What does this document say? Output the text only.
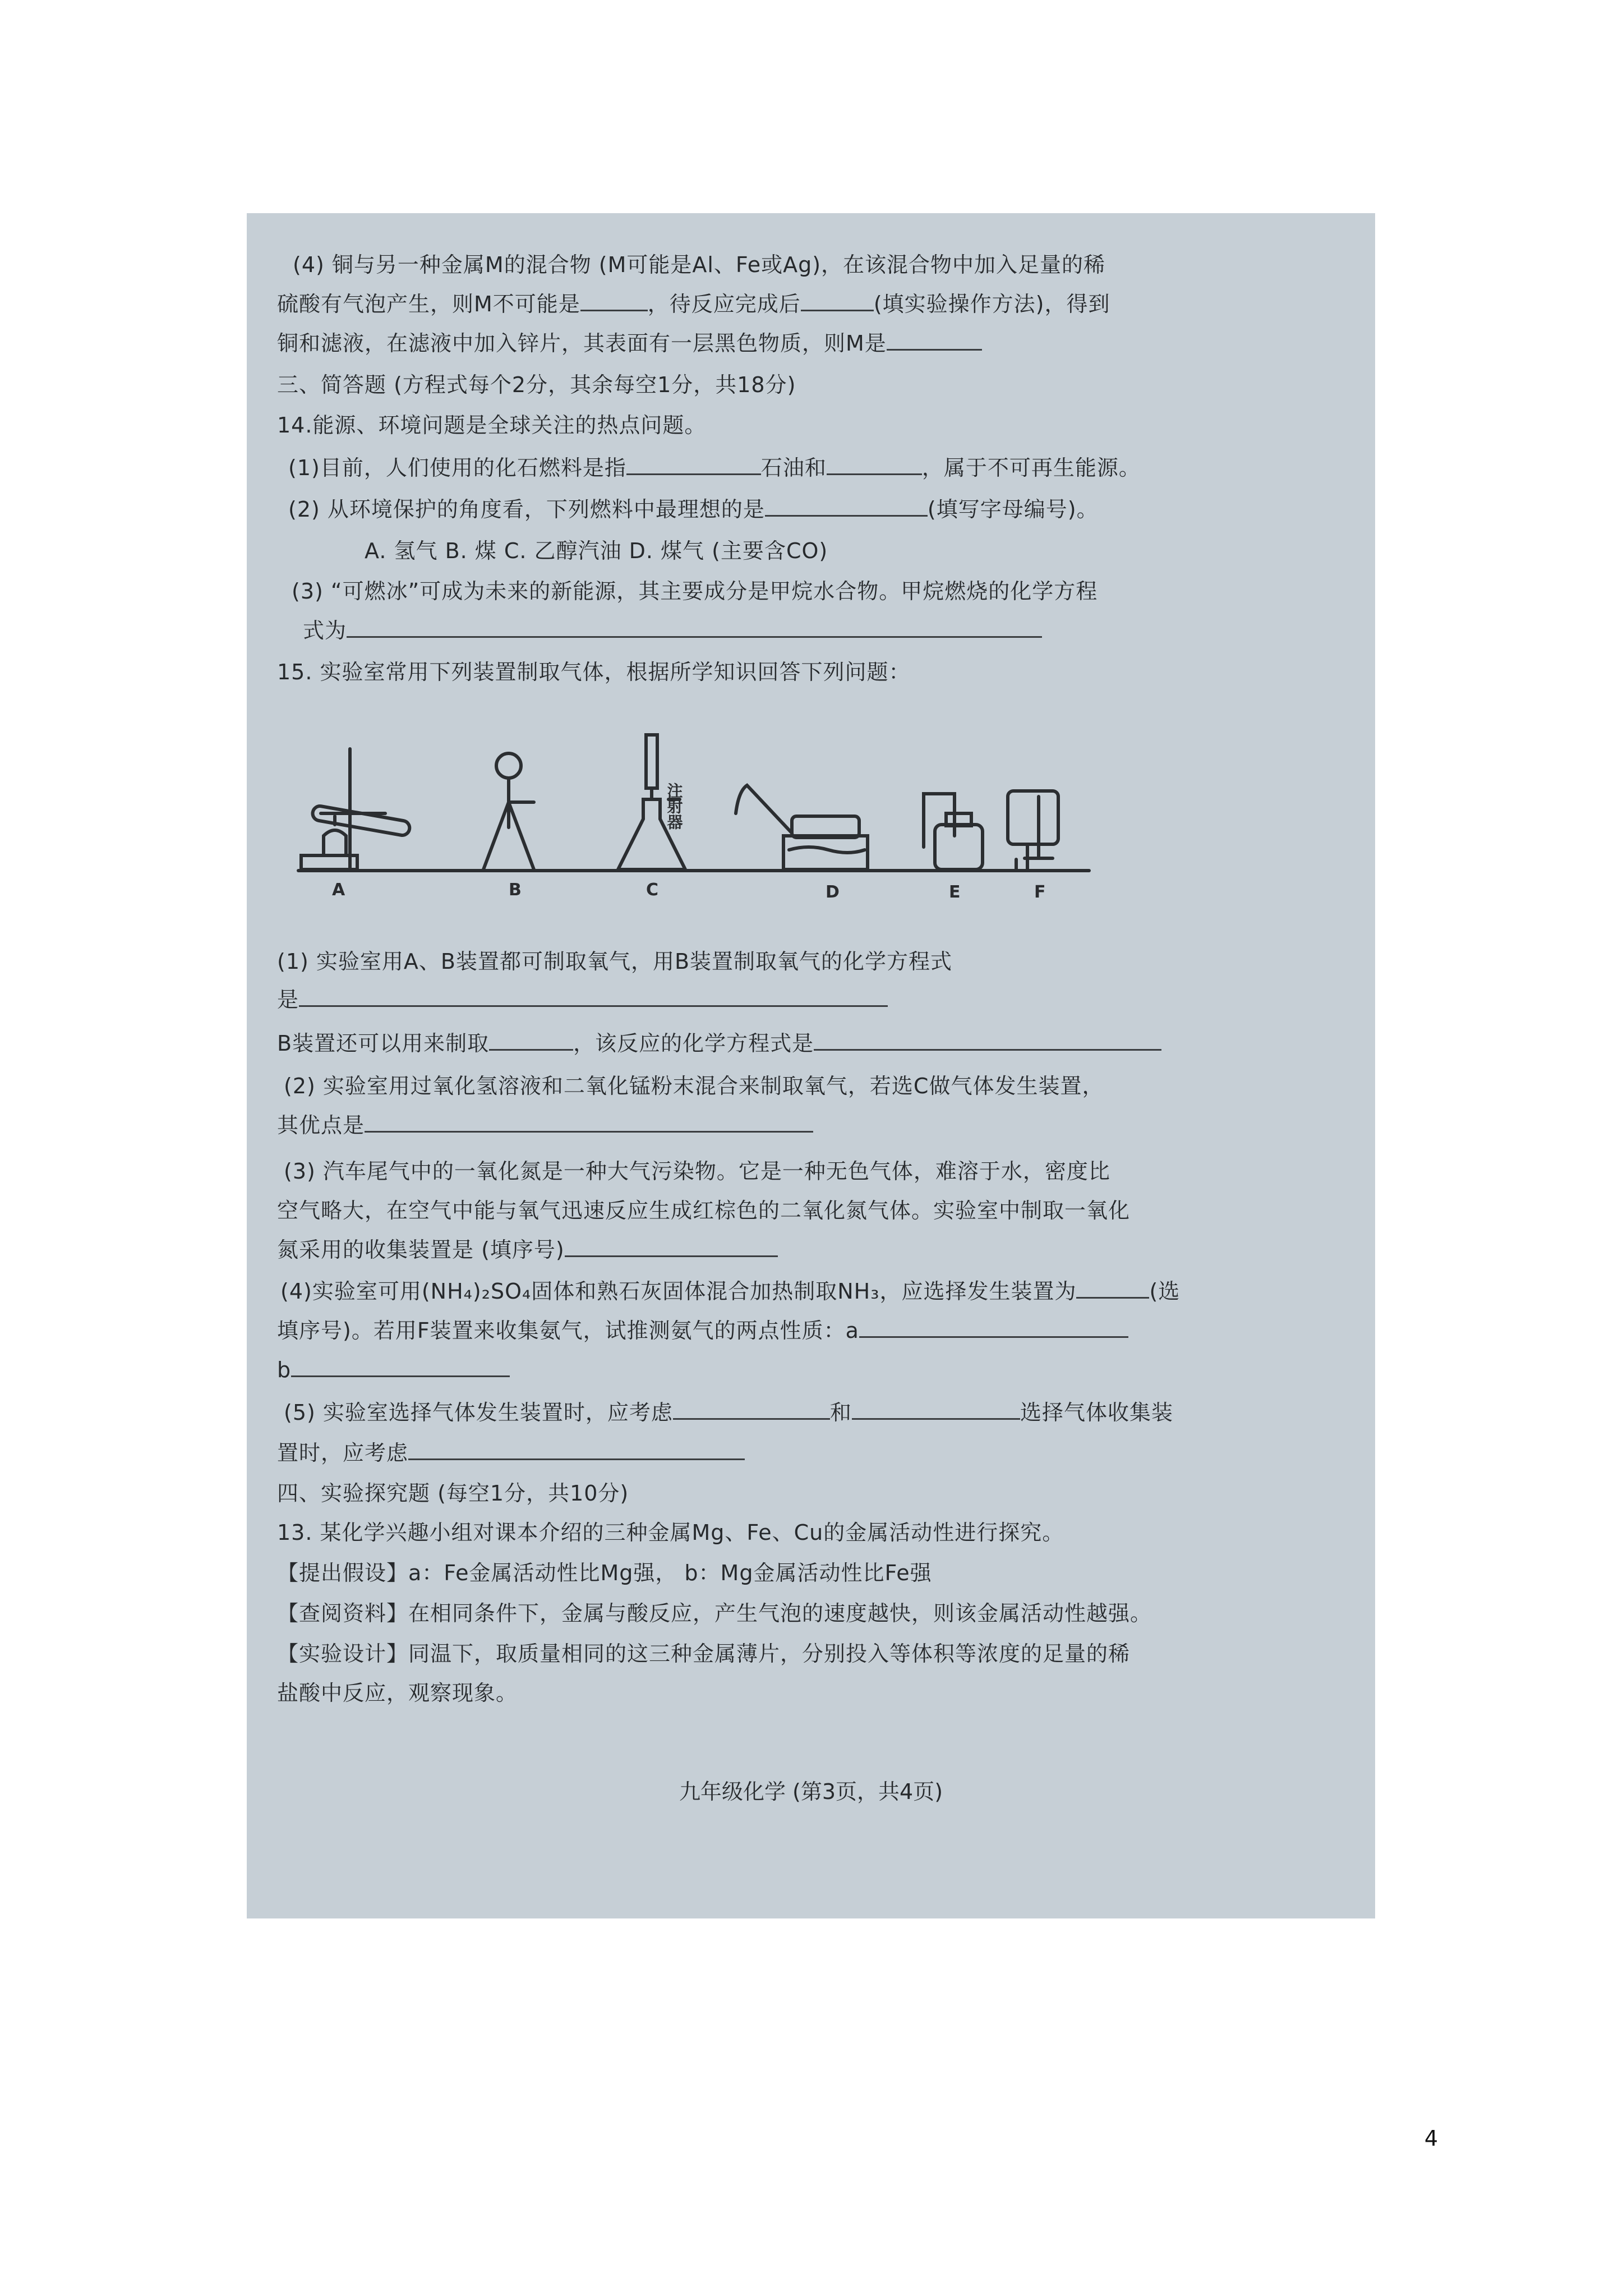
(4) 铜与另一种金属M的混合物 (M可能是Al、Fe或Ag)，在该混合物中加入足量的稀
硫酸有气泡产生，则M不可能是	，待反应完成后	(填实验操作方法)，得到
铜和滤液，在滤液中加入锌片，其表面有一层黑色物质，则M是
三、简答题 (方程式每个2分，其余每空1分，共18分)
14.能源、环境问题是全球关注的热点问题。
(1)目前，人们使用的化石燃料是指	石油和	，属于不可再生能源。
(2) 从环境保护的角度看，下列燃料中最理想的是	(填写字母编号)。
A. 氢气 B. 煤 C. 乙醇汽油 D. 煤气 (主要含CO)
(3) “可燃冰”可成为未来的新能源，其主要成分是甲烷水合物。甲烷燃烧的化学方程
式为
15. 实验室常用下列装置制取气体，根据所学知识回答下列问题：
注射器
A	B	C	D	E	F
(1) 实验室用A、B装置都可制取氧气，用B装置制取氧气的化学方程式
是
B装置还可以用来制取	，该反应的化学方程式是
(2) 实验室用过氧化氢溶液和二氧化锰粉末混合来制取氧气，若选C做气体发生装置，
其优点是
(3) 汽车尾气中的一氧化氮是一种大气污染物。它是一种无色气体，难溶于水，密度比
空气略大，在空气中能与氧气迅速反应生成红棕色的二氧化氮气体。实验室中制取一氧化
氮采用的收集装置是 (填序号)
(4)实验室可用(NH₄)₂SO₄固体和熟石灰固体混合加热制取NH₃，应选择发生装置为	(选
填序号)。若用F装置来收集氨气，试推测氨气的两点性质：a
b
(5) 实验室选择气体发生装置时，应考虑	和	选择气体收集装
置时，应考虑
四、实验探究题 (每空1分，共10分)
13. 某化学兴趣小组对课本介绍的三种金属Mg、Fe、Cu的金属活动性进行探究。
【提出假设】a：Fe金属活动性比Mg强， b：Mg金属活动性比Fe强
【查阅资料】在相同条件下，金属与酸反应，产生气泡的速度越快，则该金属活动性越强。
【实验设计】同温下，取质量相同的这三种金属薄片，分别投入等体积等浓度的足量的稀
盐酸中反应，观察现象。
九年级化学 (第3页，共4页)
4
